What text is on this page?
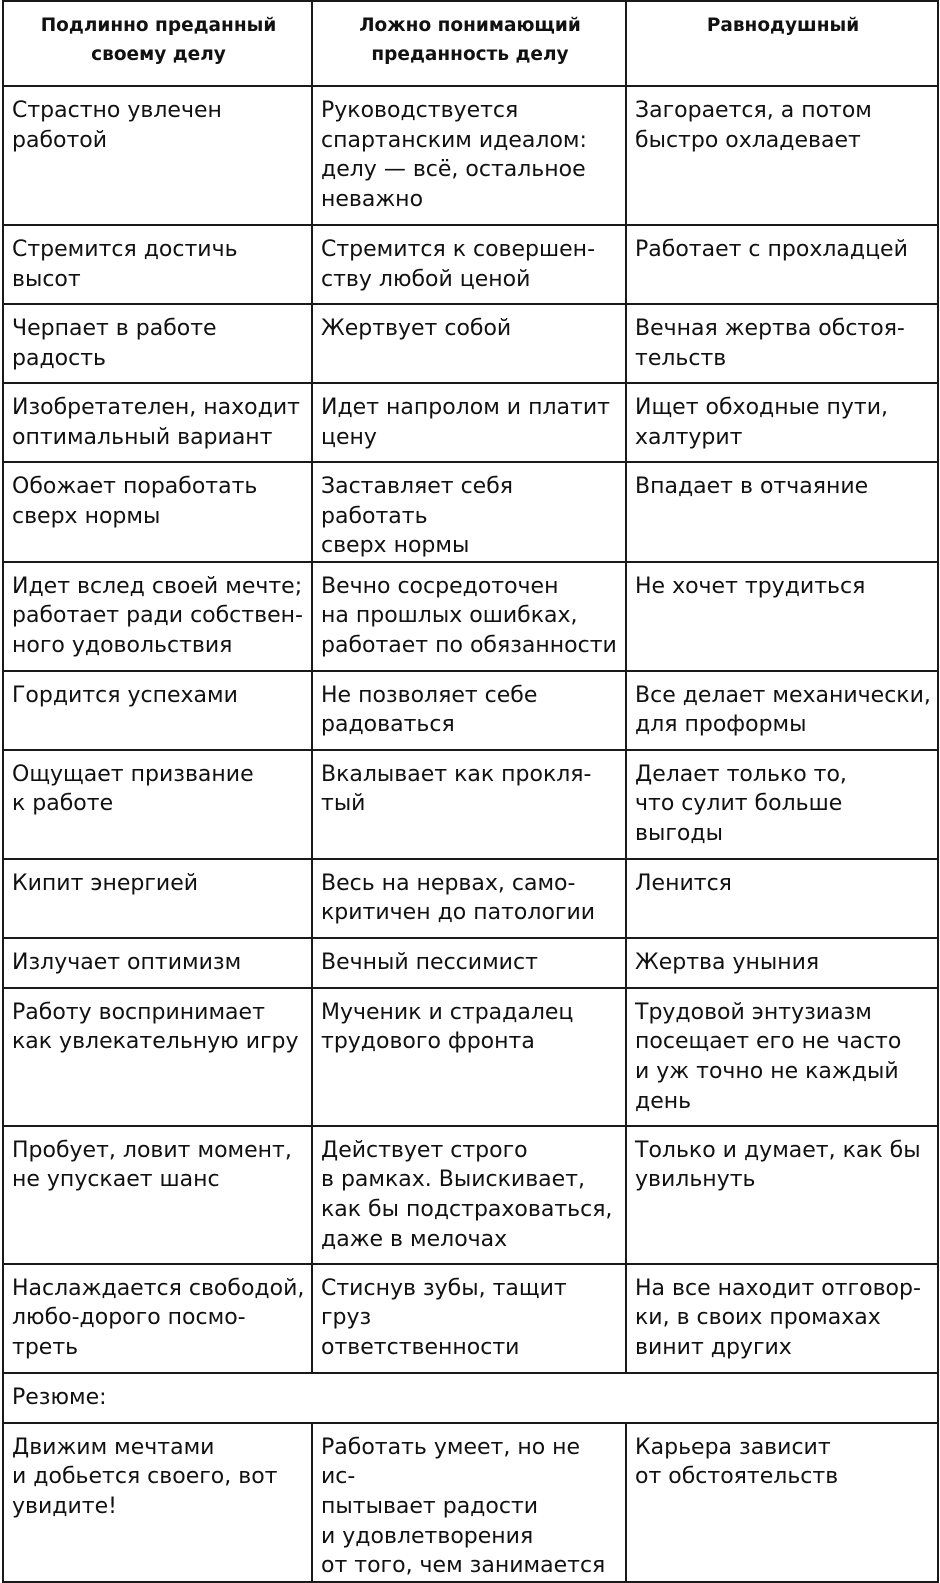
Подлинно преданный
своему делу	Ложно понимающий
преданность делу	Равнодушный

Страстно увлечен
работой	Руководствуется
спартанским идеалом:
делу — всё, остальное
неважно	Загорается, а потом
быстро охладевает

Стремится достичь
высот	Стремится к совершен-
ству любой ценой	Работает с прохладцей

Черпает в работе
радость	Жертвует собой	Вечная жертва обстоя-
тельств

Изобретателен, находит
оптимальный вариант	Идет напролом и платит
цену	Ищет обходные пути,
халтурит

Обожает поработать
сверх нормы	Заставляет себя работать
сверх нормы	Впадает в отчаяние

Идет вслед своей мечте;
работает ради собствен-
ного удовольствия	Вечно сосредоточен
на прошлых ошибках,
работает по обязанности	Не хочет трудиться

Гордится успехами	Не позволяет себе
радоваться	Все делает механически,
для проформы

Ощущает призвание
к работе	Вкалывает как прокля-
тый	Делает только то,
что сулит больше
выгоды

Кипит энергией	Весь на нервах, само-
критичен до патологии	Ленится

Излучает оптимизм	Вечный пессимист	Жертва уныния

Работу воспринимает
как увлекательную игру	Мученик и страдалец
трудового фронта	Трудовой энтузиазм
посещает его не часто
и уж точно не каждый
день

Пробует, ловит момент,
не упускает шанс	Действует строго
в рамках. Выискивает,
как бы подстраховаться,
даже в мелочах	Только и думает, как бы
увильнуть

Наслаждается свободой,
любо-дорого посмо-
треть	Стиснув зубы, тащит груз
ответственности	На все находит отговор-
ки, в своих промахах
винит других

Резюме:		

Движим мечтами
и добьется своего, вот
увидите!	Работать умеет, но не ис-
пытывает радости
и удовлетворения
от того, чем занимается	Карьера зависит
от обстоятельств
